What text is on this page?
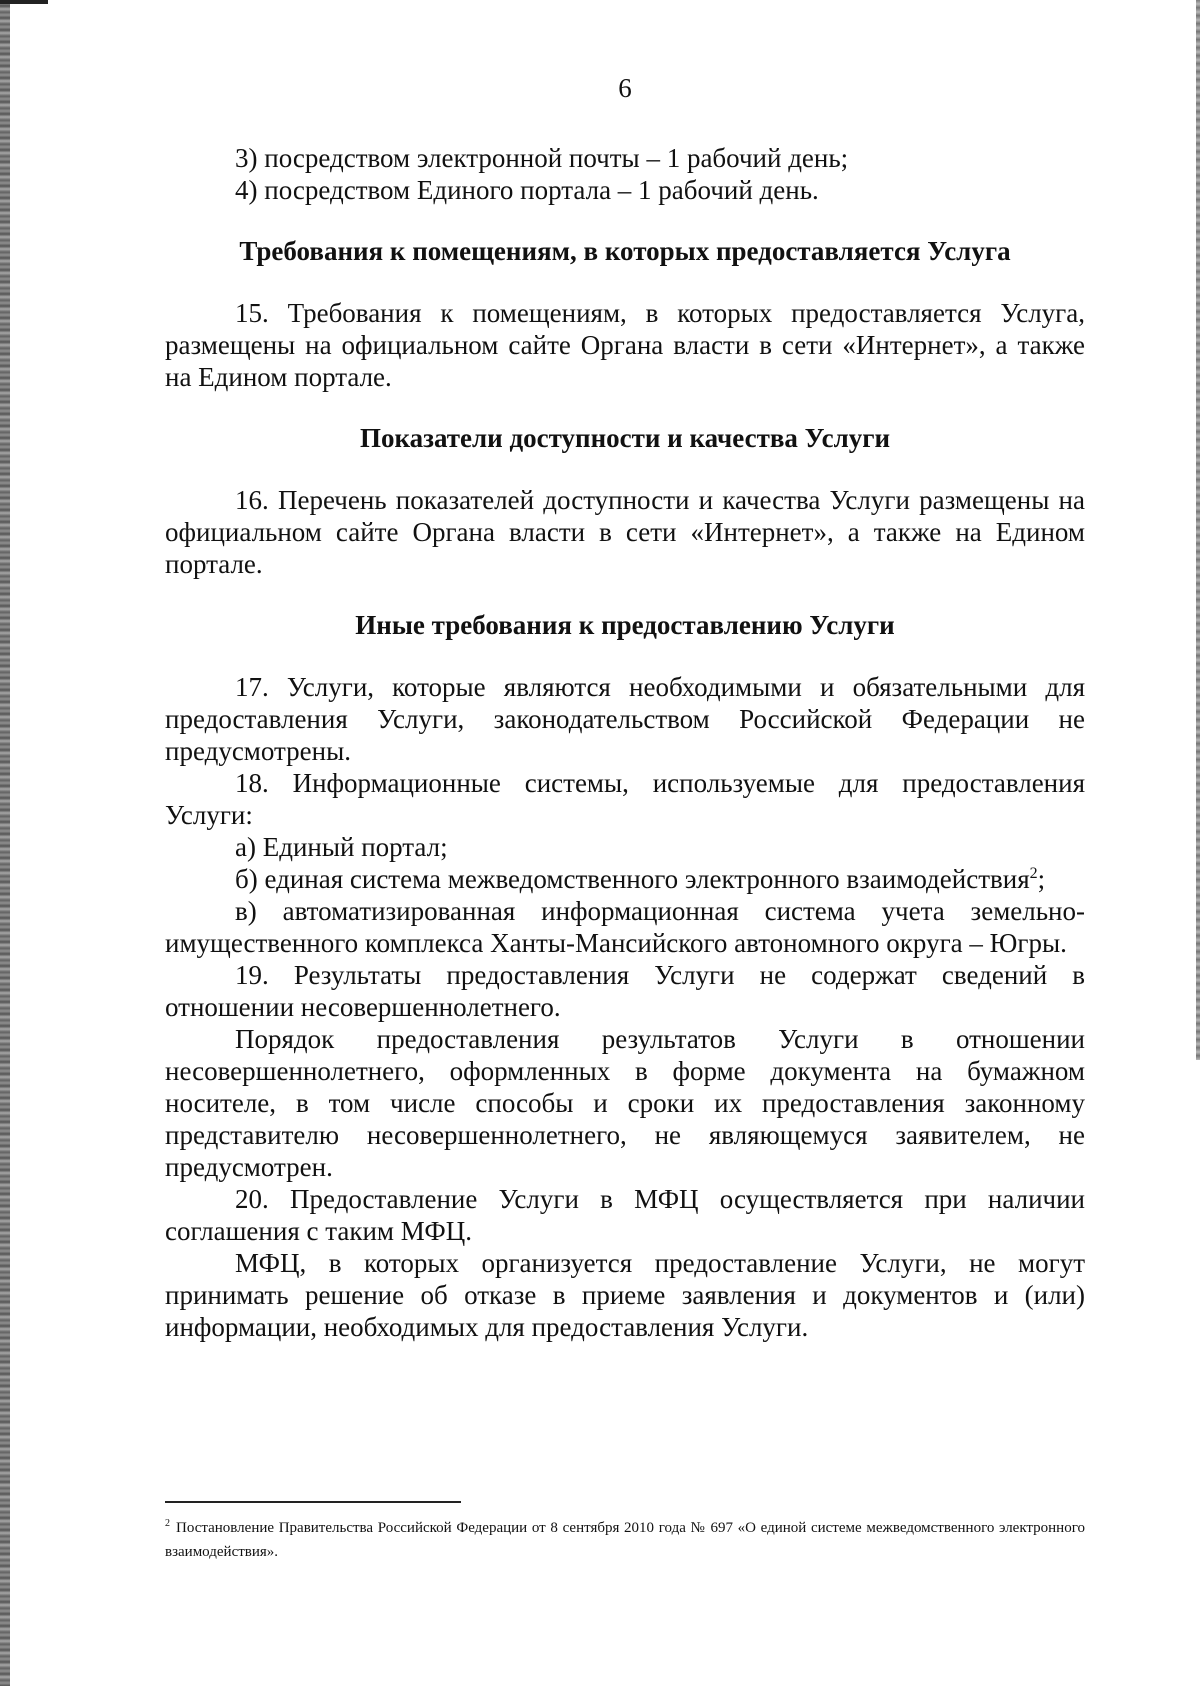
6

3) посредством электронной почты – 1 рабочий день;

4) посредством Единого портала – 1 рабочий день.

Требования к помещениям, в которых предоставляется Услуга

15. Требования к помещениям, в которых предоставляется Услуга, размещены на официальном сайте Органа власти в сети «Интернет», а также на Едином портале.

Показатели доступности и качества Услуги

16. Перечень показателей доступности и качества Услуги размещены на официальном сайте Органа власти в сети «Интернет», а также на Едином портале.

Иные требования к предоставлению Услуги

17. Услуги, которые являются необходимыми и обязательными для предоставления Услуги, законодательством Российской Федерации не предусмотрены.

18. Информационные системы, используемые для предоставления Услуги:

а) Единый портал;

б) единая система межведомственного электронного взаимодействия$^2$;

в) автоматизированная информационная система учета земельно-имущественного комплекса Ханты-Мансийского автономного округа – Югры.

19. Результаты предоставления Услуги не содержат сведений в отношении несовершеннолетнего.

Порядок предоставления результатов Услуги в отношении несовершеннолетнего, оформленных в форме документа на бумажном носителе, в том числе способы и сроки их предоставления законному представителю несовершеннолетнего, не являющемуся заявителем, не предусмотрен.

20. Предоставление Услуги в МФЦ осуществляется при наличии соглашения с таким МФЦ.

МФЦ, в которых организуется предоставление Услуги, не могут принимать решение об отказе в приеме заявления и документов и (или) информации, необходимых для предоставления Услуги.

$^2$ Постановление Правительства Российской Федерации от 8 сентября 2010 года № 697 «О единой системе межведомственного электронного взаимодействия».
